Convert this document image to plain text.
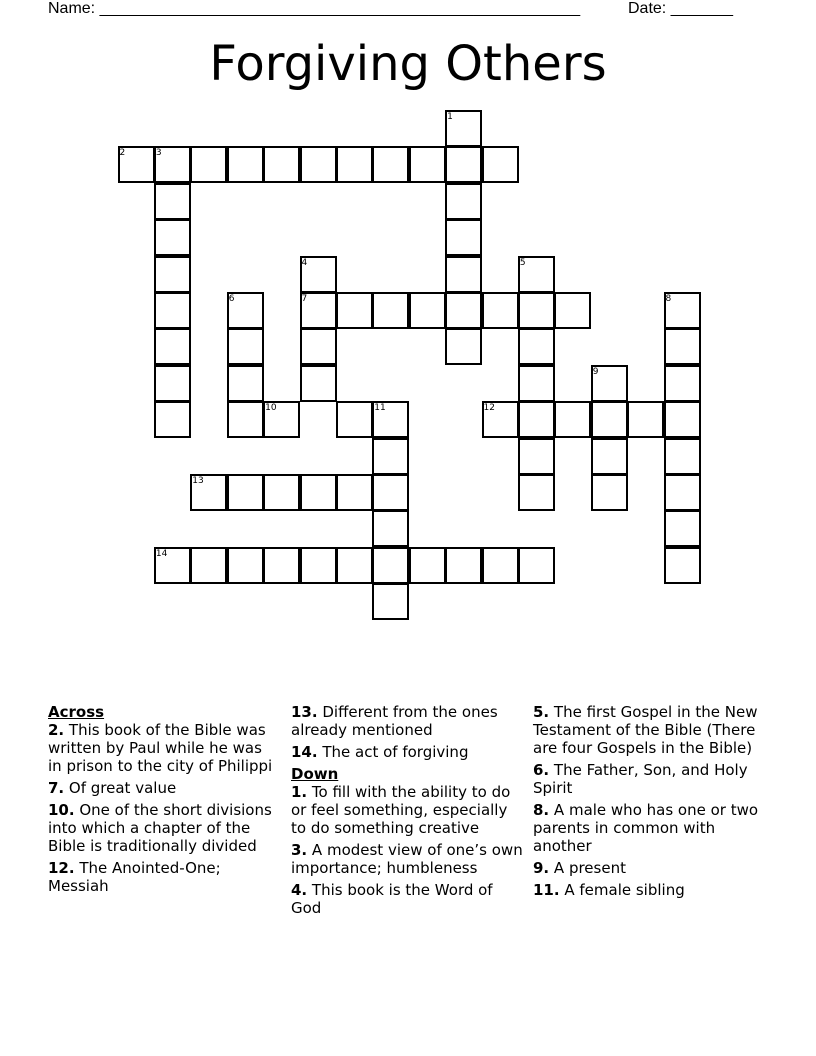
Name: ______________________________________________________	Date: _______
Forgiving Others
1
2	3
4	5
6	7	8
9
10	11	12
13
14
Across
2. This book of the Bible was written by Paul while he was in prison to the city of Philippi
7. Of great value
10. One of the short divisions into which a chapter of the Bible is traditionally divided
12. The Anointed-One; Messiah
13. Different from the ones already mentioned
14. The act of forgiving
Down
1. To fill with the ability to do or feel something, especially to do something creative
3. A modest view of one’s own importance; humbleness
4. This book is the Word of God
5. The first Gospel in the New Testament of the Bible (There are four Gospels in the Bible)
6. The Father, Son, and Holy Spirit
8. A male who has one or two parents in common with another
9. A present
11. A female sibling
